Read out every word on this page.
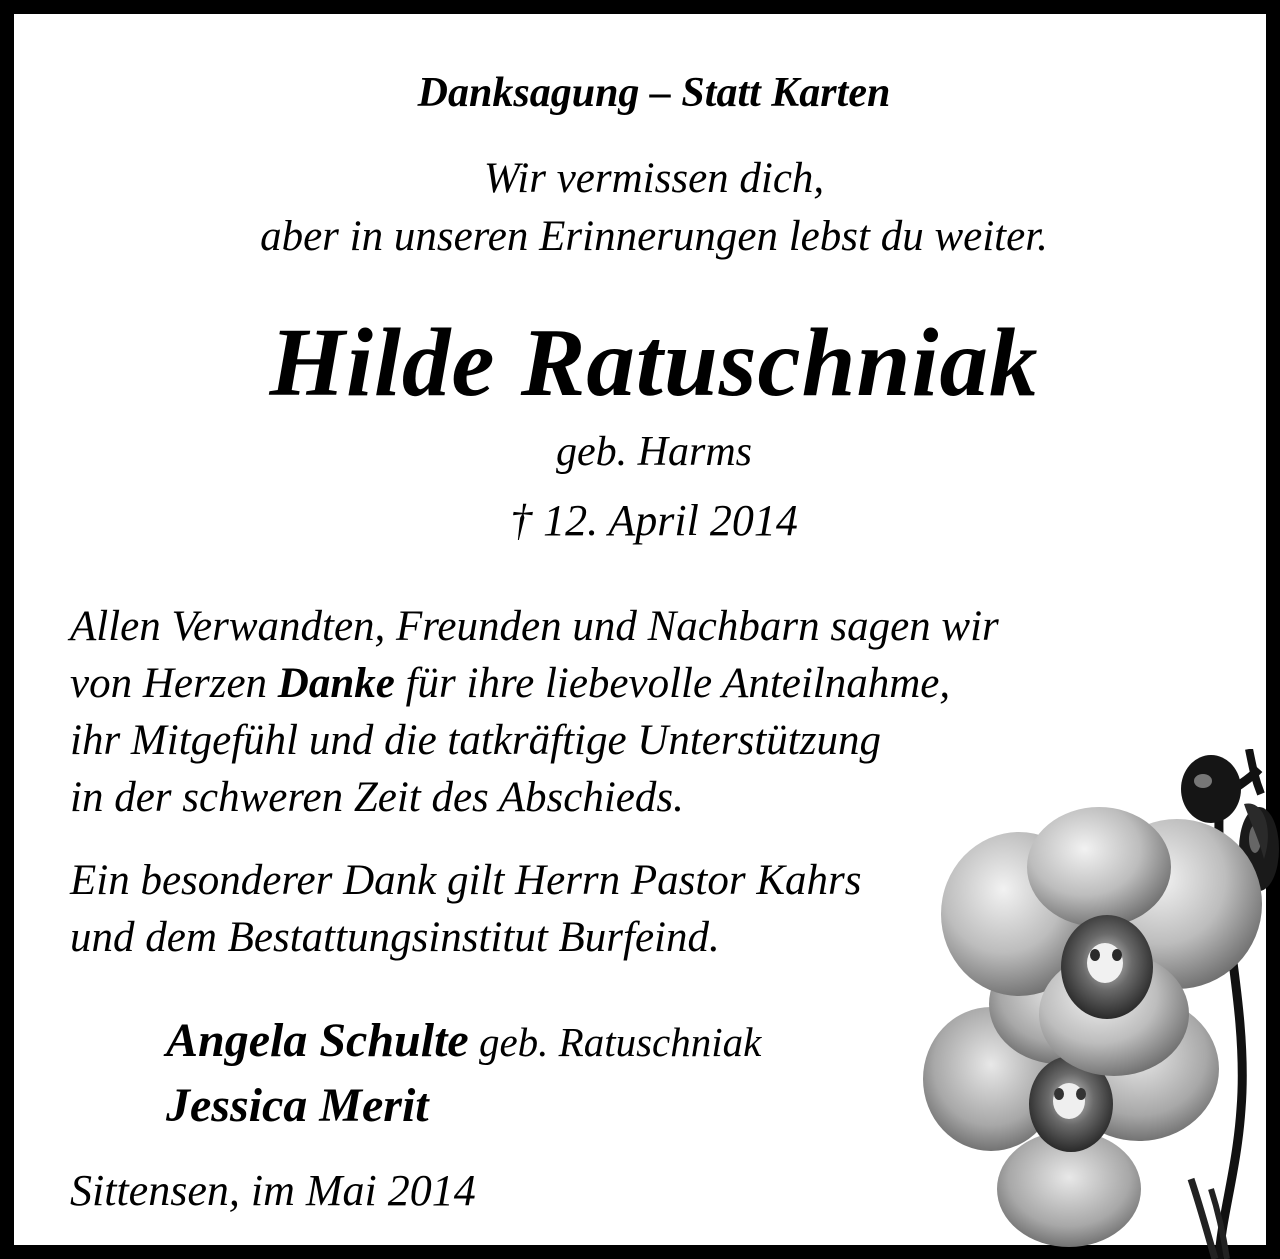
Danksagung – Statt Karten
Wir vermissen dich,
aber in unseren Erinnerungen lebst du weiter.
Hilde Ratuschniak
geb. Harms
† 12. April 2014
Allen Verwandten, Freunden und Nachbarn sagen wir
von Herzen Danke für ihre liebevolle Anteilnahme,
ihr Mitgefühl und die tatkräftige Unterstützung
in der schweren Zeit des Abschieds.
Ein besonderer Dank gilt Herrn Pastor Kahrs
und dem Bestattungsinstitut Burfeind.
Angela Schulte geb. Ratuschniak
Jessica Merit
Sittensen, im Mai 2014
